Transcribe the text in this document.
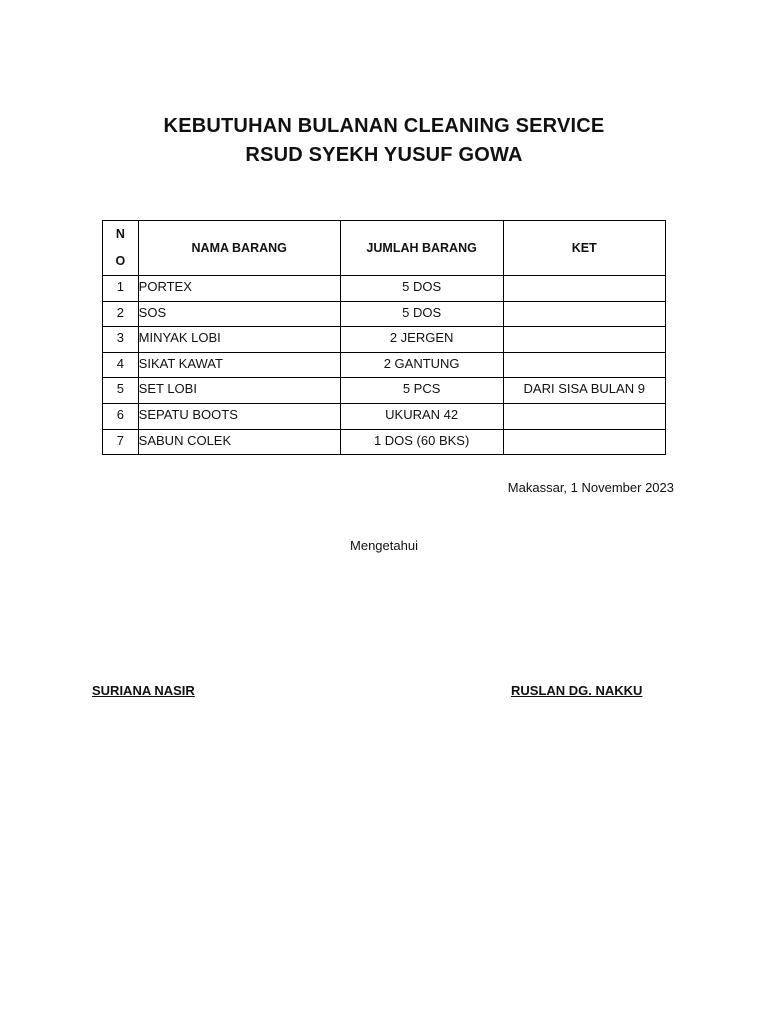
KEBUTUHAN BULANAN CLEANING SERVICE
RSUD SYEKH YUSUF GOWA
N
O	NAMA BARANG	JUMLAH BARANG	KET
1	PORTEX	5 DOS	
2	SOS	5 DOS	
3	MINYAK LOBI	2 JERGEN	
4	SIKAT KAWAT	2 GANTUNG	
5	SET LOBI	5 PCS	DARI SISA BULAN 9
6	SEPATU BOOTS	UKURAN 42	
7	SABUN COLEK	1 DOS (60 BKS)	
Makassar, 1 November 2023
Mengetahui
SURIANA NASIR	RUSLAN DG. NAKKU
